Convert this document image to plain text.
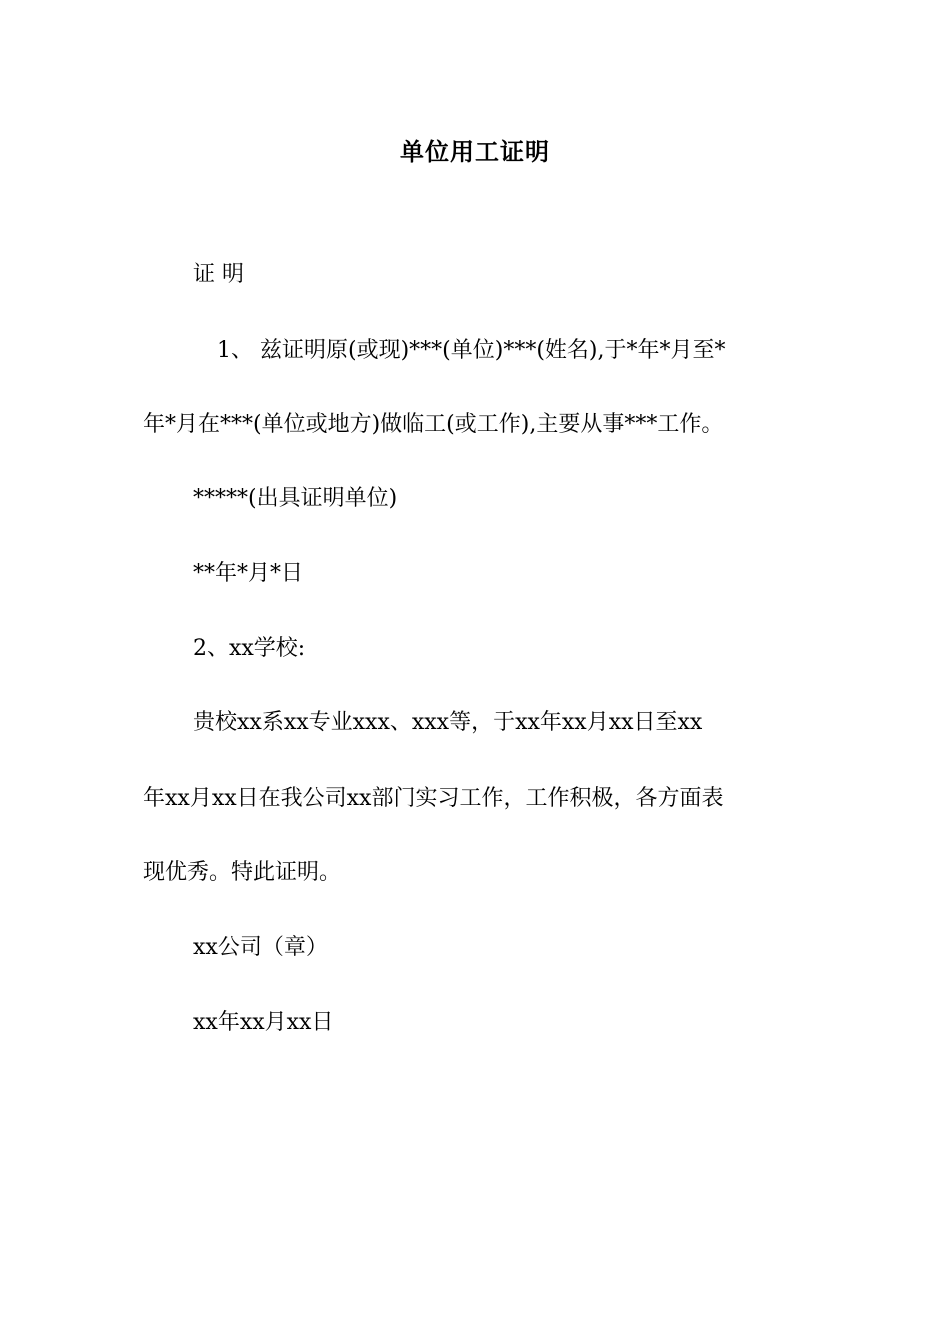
单位用工证明
证 明
1、 兹证明原(或现)***(单位)***(姓名),于*年*月至*
年*月在***(单位或地方)做临工(或工作),主要从事***工作。
*****(出具证明单位)
**年*月*日
2、xx学校:
贵校xx系xx专业xxx、xxx等，于xx年xx月xx日至xx
年xx月xx日在我公司xx部门实习工作，工作积极，各方面表
现优秀。特此证明。
xx公司（章）
xx年xx月xx日
